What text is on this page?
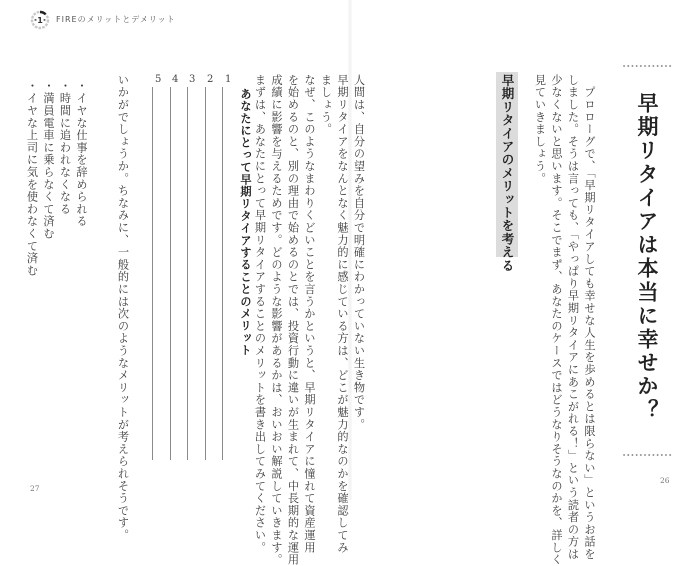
1 FIREのメリットとデメリット
早期リタイアは本当に幸せか？
　プロローグで、「早期リタイアしても幸せな人生を歩めるとは限らない」というお話を
しました。そうは言っても、「やっぱり早期リタイアにあこがれる！」という読者の方は
少なくないと思います。そこでまず、あなたのケースではどうなりそうなのかを、詳しく
見ていきましょう。
早期リタイアのメリットを考える
人間は、自分の望みを自分で明確にわかっていない生き物です。
早期リタイアをなんとなく魅力的に感じている方は、どこが魅力的なのかを確認してみ
ましょう。
なぜ、このようなまわりくどいことを言うかというと、早期リタイアに憧れて資産運用
を始めるのと、別の理由で始めるのとでは、投資行動に違いが生まれて、中長期的な運用
成績に影響を与えるためです。どのような影響があるかは、おいおい解説していきます。
まずは、あなたにとって早期リタイアすることのメリットを書き出してみてください。	26
あなたにとって早期リタイアすることのメリット
1
2
3
4
5
いかがでしょうか。ちなみに、一般的には次のようなメリットが考えられそうです。
・イヤな仕事を辞められる
・時間に追われなくなる
・満員電車に乗らなくて済む
・イヤな上司に気を使わなくて済む
27
